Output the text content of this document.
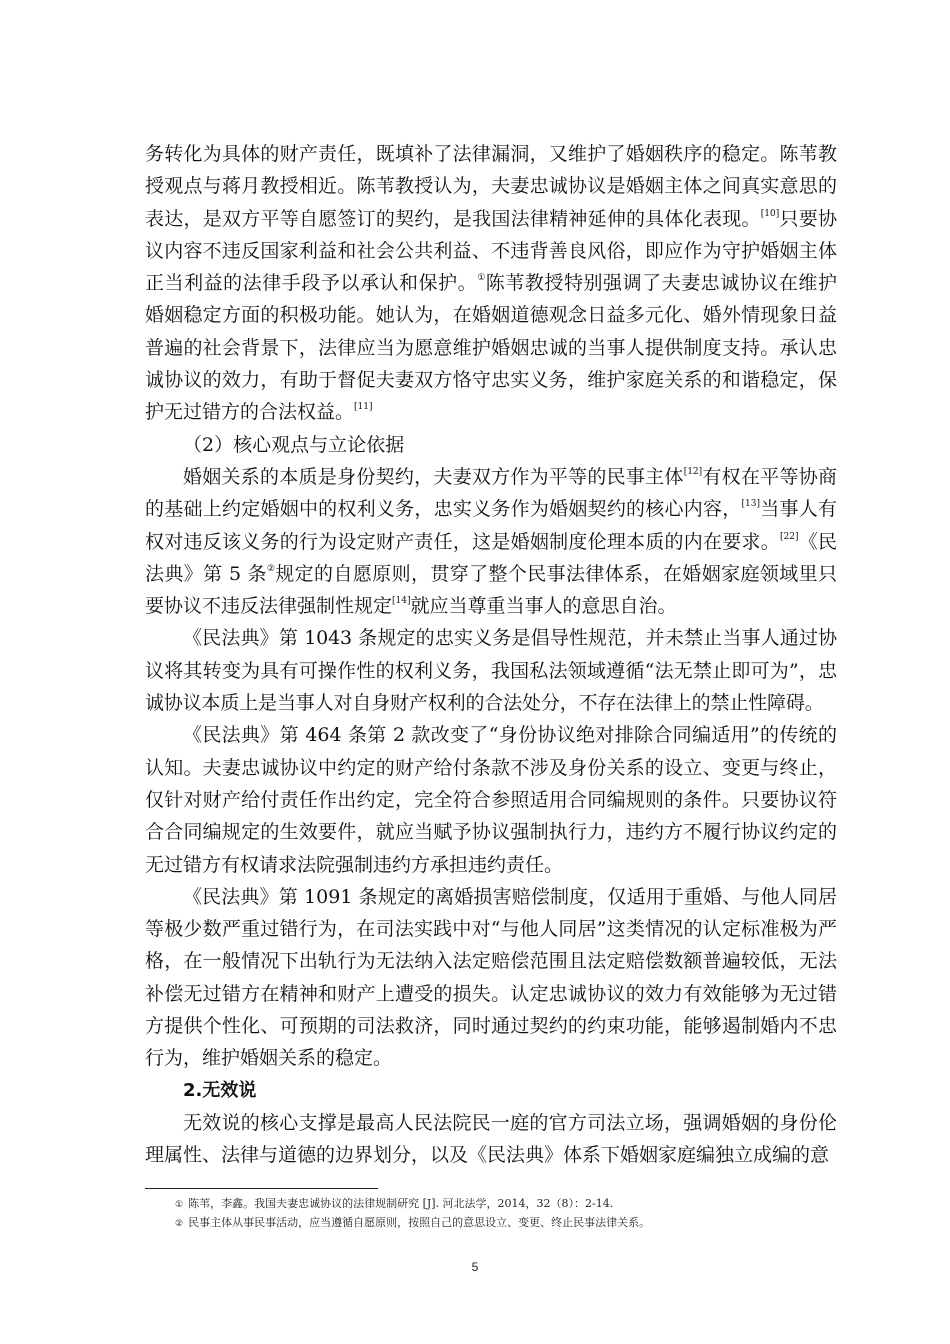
务转化为具体的财产责任，既填补了法律漏洞，又维护了婚姻秩序的稳定。陈苇教授观点与蒋月教授相近。陈苇教授认为，夫妻忠诚协议是婚姻主体之间真实意思的表达，是双方平等自愿签订的契约，是我国法律精神延伸的具体化表现。[10]只要协议内容不违反国家利益和社会公共利益、不违背善良风俗，即应作为守护婚姻主体正当利益的法律手段予以承认和保护。①陈苇教授特别强调了夫妻忠诚协议在维护婚姻稳定方面的积极功能。她认为，在婚姻道德观念日益多元化、婚外情现象日益普遍的社会背景下，法律应当为愿意维护婚姻忠诚的当事人提供制度支持。承认忠诚协议的效力，有助于督促夫妻双方恪守忠实义务，维护家庭关系的和谐稳定，保护无过错方的合法权益。[11]

（2）核心观点与立论依据

婚姻关系的本质是身份契约，夫妻双方作为平等的民事主体[12]有权在平等协商的基础上约定婚姻中的权利义务，忠实义务作为婚姻契约的核心内容，[13]当事人有权对违反该义务的行为设定财产责任，这是婚姻制度伦理本质的内在要求。[22]《民法典》第 5 条②规定的自愿原则，贯穿了整个民事法律体系，在婚姻家庭领域里只要协议不违反法律强制性规定[14]就应当尊重当事人的意思自治。

《民法典》第 1043 条规定的忠实义务是倡导性规范，并未禁止当事人通过协议将其转变为具有可操作性的权利义务，我国私法领域遵循“法无禁止即可为”，忠诚协议本质上是当事人对自身财产权利的合法处分，不存在法律上的禁止性障碍。

《民法典》第 464 条第 2 款改变了“身份协议绝对排除合同编适用”的传统的认知。夫妻忠诚协议中约定的财产给付条款不涉及身份关系的设立、变更与终止，仅针对财产给付责任作出约定，完全符合参照适用合同编规则的条件。只要协议符合合同编规定的生效要件，就应当赋予协议强制执行力，违约方不履行协议约定的无过错方有权请求法院强制违约方承担违约责任。

《民法典》第 1091 条规定的离婚损害赔偿制度，仅适用于重婚、与他人同居等极少数严重过错行为，在司法实践中对“与他人同居”这类情况的认定标准极为严格，在一般情况下出轨行为无法纳入法定赔偿范围且法定赔偿数额普遍较低，无法补偿无过错方在精神和财产上遭受的损失。认定忠诚协议的效力有效能够为无过错方提供个性化、可预期的司法救济，同时通过契约的约束功能，能够遏制婚内不忠行为，维护婚姻关系的稳定。

2.无效说

无效说的核心支撑是最高人民法院民一庭的官方司法立场，强调婚姻的身份伦理属性、法律与道德的边界划分，以及《民法典》体系下婚姻家庭编独立成编的意

① 陈苇，李鑫。我国夫妻忠诚协议的法律规制研究 [J]. 河北法学，2014，32（8）：2-14.

② 民事主体从事民事活动，应当遵循自愿原则，按照自己的意思设立、变更、终止民事法律关系。

5
